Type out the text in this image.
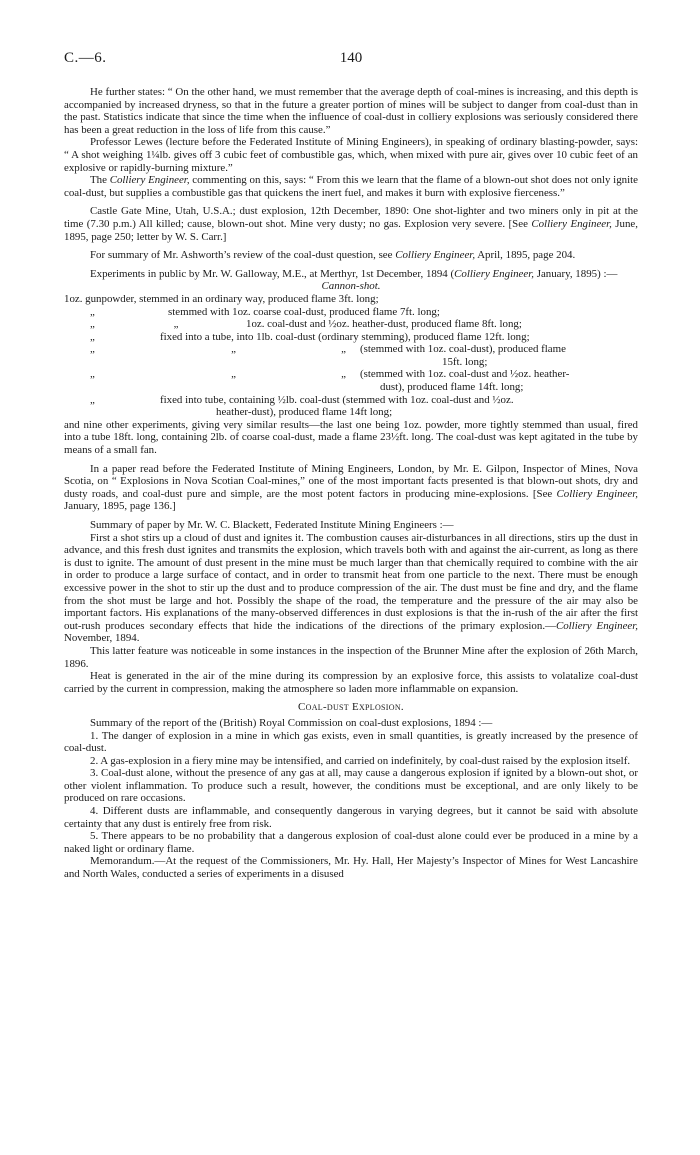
C.—6.	140

He further states: “ On the other hand, we must remember that the average depth of coal-mines is increasing, and this depth is accompanied by increased dryness, so that in the future a greater portion of mines will be subject to danger from coal-dust than in the past. Statistics indicate that since the time when the influence of coal-dust in colliery explosions was seriously considered there has been a great reduction in the loss of life from this cause.”

Professor Lewes (lecture before the Federated Institute of Mining Engineers), in speaking of ordinary blasting-powder, says: “ A shot weighing 1¼lb. gives off 3 cubic feet of combustible gas, which, when mixed with pure air, gives over 10 cubic feet of an explosive or rapidly-burning mixture.”

The Colliery Engineer, commenting on this, says: “ From this we learn that the flame of a blown-out shot does not only ignite coal-dust, but supplies a combustible gas that quickens the inert fuel, and makes it burn with explosive fierceness.”

Castle Gate Mine, Utah, U.S.A.; dust explosion, 12th December, 1890: One shot-lighter and two miners only in pit at the time (7.30 p.m.) All killed; cause, blown-out shot. Mine very dusty; no gas. Explosion very severe. [See Colliery Engineer, June, 1895, page 250; letter by W. S. Carr.]

For summary of Mr. Ashworth’s review of the coal-dust question, see Colliery Engineer, April, 1895, page 204.

Experiments in public by Mr. W. Galloway, M.E., at Merthyr, 1st December, 1894 (Colliery Engineer, January, 1895) :—

Cannon-shot.

1oz. gunpowder, stemmed in an ordinary way, produced flame 3ft. long;

„	stemmed with 1oz. coarse coal-dust, produced flame 7ft. long;

„	„	1oz. coal-dust and ½oz. heather-dust, produced flame 8ft. long;

„	fixed into a tube, into 1lb. coal-dust (ordinary stemming), produced flame 12ft. long;

„	„	„ (stemmed with 1oz. coal-dust), produced flame

15ft. long;

„	„	„ (stemmed with 1oz. coal-dust and ½oz. heather-

dust), produced flame 14ft. long;

„	fixed into tube, containing ½lb. coal-dust (stemmed with 1oz. coal-dust and ½oz.

heather-dust), produced flame 14ft long;

and nine other experiments, giving very similar results—the last one being 1oz. powder, more tightly stemmed than usual, fired into a tube 18ft. long, containing 2lb. of coarse coal-dust, made a flame 23½ft. long. The coal-dust was kept agitated in the tube by means of a small fan.

In a paper read before the Federated Institute of Mining Engineers, London, by Mr. E. Gilpon, Inspector of Mines, Nova Scotia, on “ Explosions in Nova Scotian Coal-mines,” one of the most important facts presented is that blown-out shots, dry and dusty roads, and coal-dust pure and simple, are the most potent factors in producing mine-explosions. [See Colliery Engineer, January, 1895, page 136.]

Summary of paper by Mr. W. C. Blackett, Federated Institute Mining Engineers :—

First a shot stirs up a cloud of dust and ignites it. The combustion causes air-disturbances in all directions, stirs up the dust in advance, and this fresh dust ignites and transmits the explosion, which travels both with and against the air-current, as long as there is dust to ignite. The amount of dust present in the mine must be much larger than that chemically required to combine with the air in order to produce a large surface of contact, and in order to transmit heat from one particle to the next. There must be enough excessive power in the shot to stir up the dust and to produce compression of the air. The dust must be fine and dry, and the flame from the shot must be large and hot. Possibly the shape of the road, the temperature and the pressure of the air may also be important factors. His explanations of the many-observed differences in dust explosions is that the in-rush of the air after the first out-rush produces secondary effects that hide the indications of the directions of the primary explosion.—Colliery Engineer, November, 1894.

This latter feature was noticeable in some instances in the inspection of the Brunner Mine after the explosion of 26th March, 1896.

Heat is generated in the air of the mine during its compression by an explosive force, this assists to volatalize coal-dust carried by the current in compression, making the atmosphere so laden more inflammable on expansion.

Coal-dust Explosion.

Summary of the report of the (British) Royal Commission on coal-dust explosions, 1894 :—

1. The danger of explosion in a mine in which gas exists, even in small quantities, is greatly increased by the presence of coal-dust.

2. A gas-explosion in a fiery mine may be intensified, and carried on indefinitely, by coal-dust raised by the explosion itself.

3. Coal-dust alone, without the presence of any gas at all, may cause a dangerous explosion if ignited by a blown-out shot, or other violent inflammation. To produce such a result, however, the conditions must be exceptional, and are only likely to be produced on rare occasions.

4. Different dusts are inflammable, and consequently dangerous in varying degrees, but it cannot be said with absolute certainty that any dust is entirely free from risk.

5. There appears to be no probability that a dangerous explosion of coal-dust alone could ever be produced in a mine by a naked light or ordinary flame.

Memorandum.—At the request of the Commissioners, Mr. Hy. Hall, Her Majesty’s Inspector of Mines for West Lancashire and North Wales, conducted a series of experiments in a disused
